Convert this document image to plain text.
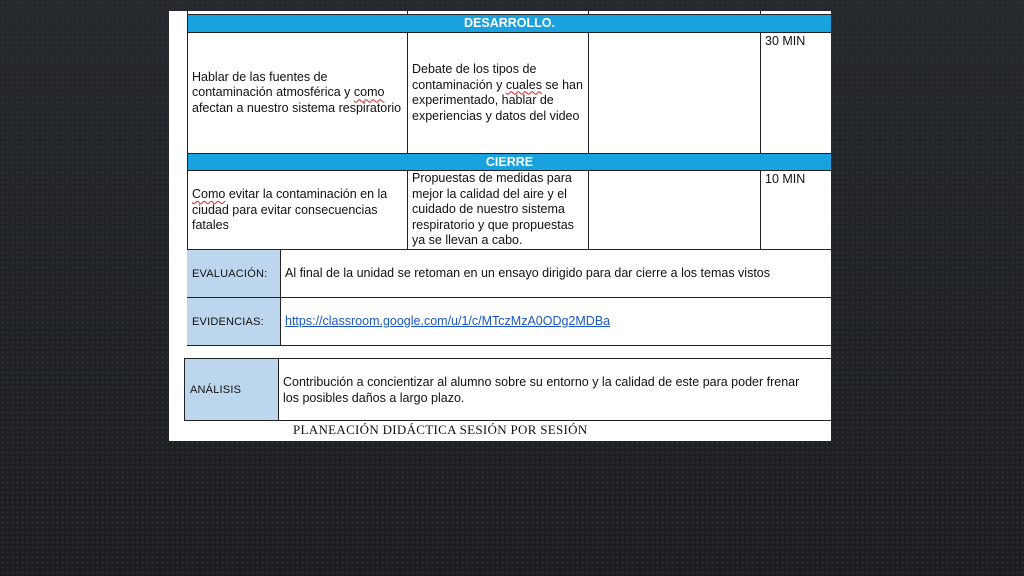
DESARROLLO.
Hablar de las fuentes de contaminación atmosférica y como afectan a nuestro sistema respiratorio
Debate de los tipos de contaminación y cuales se han experimentado, hablar de experiencias y datos del video
30 MIN
CIERRE
Como evitar la contaminación en la ciudad para evitar consecuencias fatales
Propuestas de medidas para mejor la calidad del aire y el cuidado de nuestro sistema respiratorio y que propuestas ya se llevan a cabo.
10 MIN
EVALUACIÓN:	Al final de la unidad se retoman en un ensayo dirigido para dar cierre a los temas vistos
EVIDENCIAS:	https://classroom.google.com/u/1/c/MTczMzA0ODg2MDBa
ANÁLISIS
Contribución a concientizar al alumno sobre su entorno y la calidad de este para poder frenar los posibles daños a largo plazo.
PLANEACIÓN DIDÁCTICA SESIÓN POR SESIÓN
